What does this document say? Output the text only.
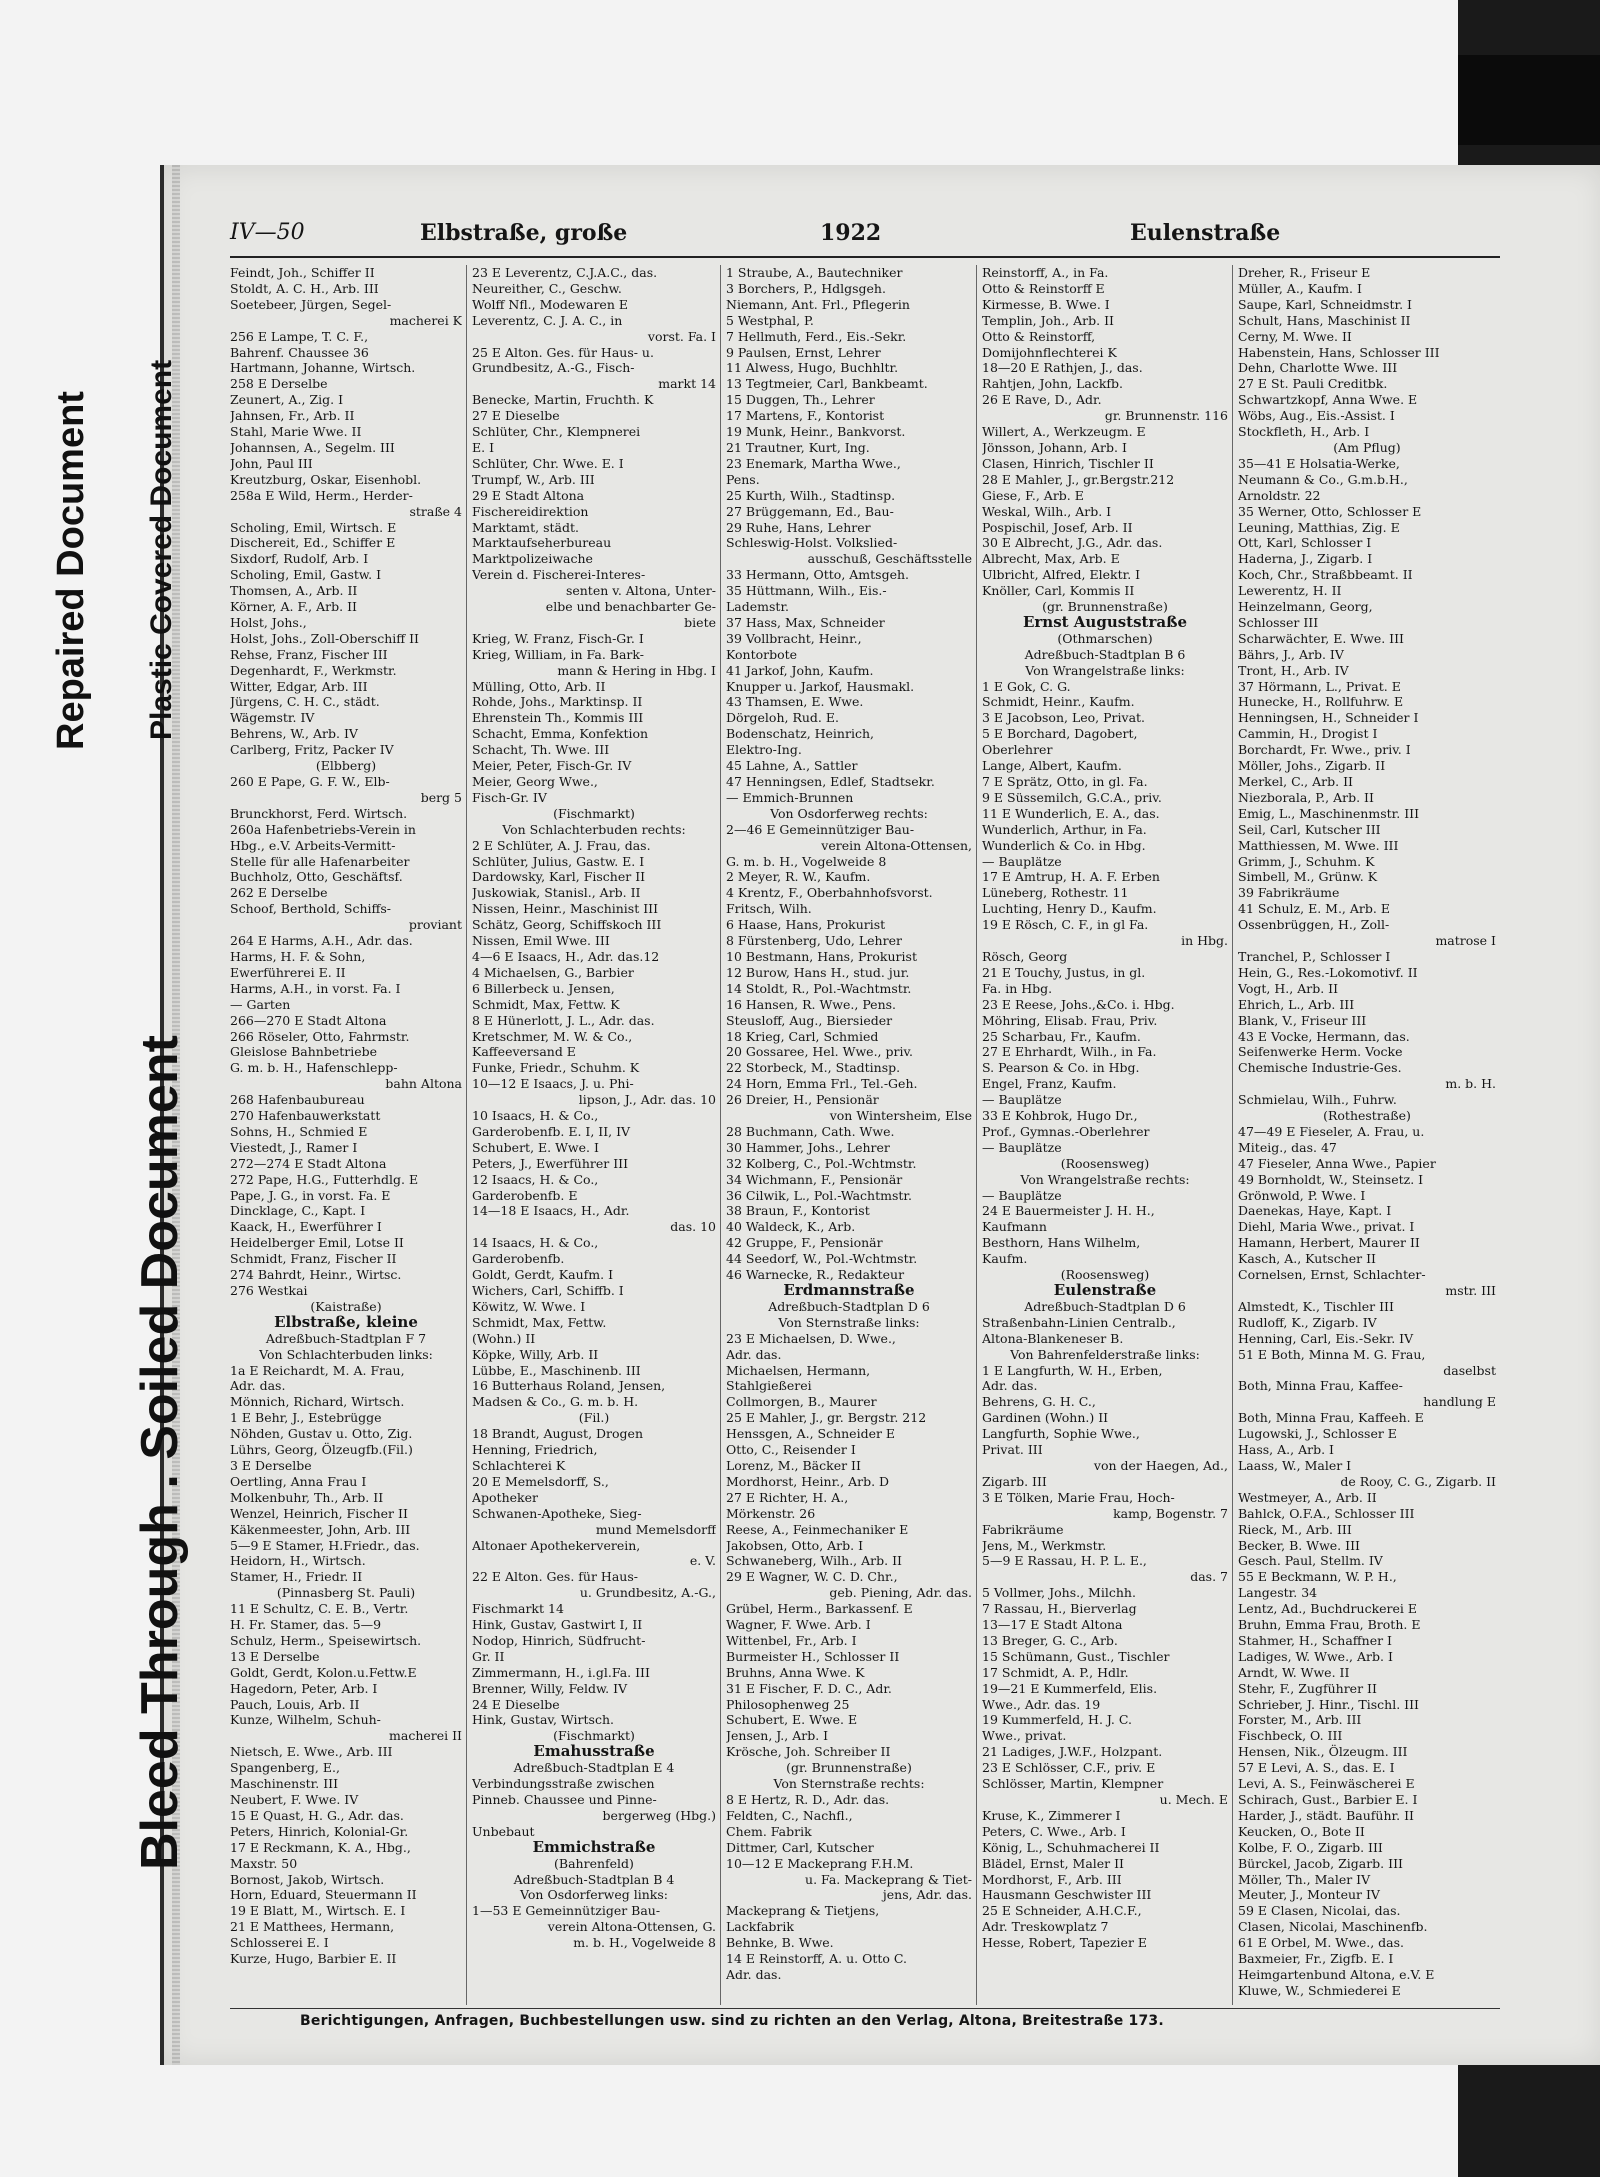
Bleed Through . Soiled Document
Repaired Document Plastic Covered Document
IV—50	Elbstraße, große	1922	Eulenstraße
Feindt, Joh., Schiffer II
Stoldt, A. C. H., Arb. III
Soetebeer, Jürgen, Segel-
macherei K
256 E Lampe, T. C. F.,
Bahrenf. Chaussee 36
Hartmann, Johanne, Wirtsch.
258 E Derselbe
Zeunert, A., Zig. I
Jahnsen, Fr., Arb. II
Stahl, Marie Wwe. II
Johannsen, A., Segelm. III
John, Paul III
Kreutzburg, Oskar, Eisenhobl.
258a E Wild, Herm., Herder-
straße 4
Scholing, Emil, Wirtsch. E
Dischereit, Ed., Schiffer E
Sixdorf, Rudolf, Arb. I
Scholing, Emil, Gastw. I
Thomsen, A., Arb. II
Körner, A. F., Arb. II
Holst, Johs.,
Holst, Johs., Zoll-Oberschiff II
Rehse, Franz, Fischer III
Degenhardt, F., Werkmstr.
Witter, Edgar, Arb. III
Jürgens, C. H. C., städt.
Wägemstr. IV
Behrens, W., Arb. IV
Carlberg, Fritz, Packer IV
(Elbberg)
260 E Pape, G. F. W., Elb-
berg 5
Brunckhorst, Ferd. Wirtsch.
260a Hafenbetriebs-Verein in
Hbg., e.V. Arbeits-Vermitt-
Stelle für alle Hafenarbeiter
Buchholz, Otto, Geschäftsf.
262 E Derselbe
Schoof, Berthold, Schiffs-
proviant
264 E Harms, A.H., Adr. das.
Harms, H. F. & Sohn,
Ewerführerei E. II
Harms, A.H., in vorst. Fa. I
— Garten
266—270 E Stadt Altona
266 Röseler, Otto, Fahrmstr.
Gleislose Bahnbetriebe
G. m. b. H., Hafenschlepp-
bahn Altona
268 Hafenbaubureau
270 Hafenbauwerkstatt
Sohns, H., Schmied E
Viestedt, J., Ramer I
272—274 E Stadt Altona
272 Pape, H.G., Futterhdlg. E
Pape, J. G., in vorst. Fa. E
Dincklage, C., Kapt. I
Kaack, H., Ewerführer I
Heidelberger Emil, Lotse II
Schmidt, Franz, Fischer II
274 Bahrdt, Heinr., Wirtsc.
276 Westkai
(Kaistraße)
Elbstraße, kleine
Adreßbuch-Stadtplan F 7
Von Schlachterbuden links:
1a E Reichardt, M. A. Frau,
Adr. das.
Mönnich, Richard, Wirtsch.
1 E Behr, J., Estebrügge
Nöhden, Gustav u. Otto, Zig.
Lührs, Georg, Ölzeugfb.(Fil.)
3 E Derselbe
Oertling, Anna Frau I
Molkenbuhr, Th., Arb. II
Wenzel, Heinrich, Fischer II
Käkenmeester, John, Arb. III
5—9 E Stamer, H.Friedr., das.
Heidorn, H., Wirtsch.
Stamer, H., Friedr. II
(Pinnasberg St. Pauli)
11 E Schultz, C. E. B., Vertr.
H. Fr. Stamer, das. 5—9
Schulz, Herm., Speisewirtsch.
13 E Derselbe
Goldt, Gerdt, Kolon.u.Fettw.E
Hagedorn, Peter, Arb. I
Pauch, Louis, Arb. II
Kunze, Wilhelm, Schuh-
macherei II
Nietsch, E. Wwe., Arb. III
Spangenberg, E.,
Maschinenstr. III
Neubert, F. Wwe. IV
15 E Quast, H. G., Adr. das.
Peters, Hinrich, Kolonial-Gr.
17 E Reckmann, K. A., Hbg.,
Maxstr. 50
Bornost, Jakob, Wirtsch.
Horn, Eduard, Steuermann II
19 E Blatt, M., Wirtsch. E. I
21 E Matthees, Hermann,
Schlosserei E. I
Kurze, Hugo, Barbier E. II
23 E Leverentz, C.J.A.C., das.
Neureither, C., Geschw.
Wolff Nfl., Modewaren E
Leverentz, C. J. A. C., in
vorst. Fa. I
25 E Alton. Ges. für Haus- u.
Grundbesitz, A.-G., Fisch-
markt 14
Benecke, Martin, Fruchth. K
27 E Dieselbe
Schlüter, Chr., Klempnerei
E. I
Schlüter, Chr. Wwe. E. I
Trumpf, W., Arb. III
29 E Stadt Altona
Fischereidirektion
Marktamt, städt.
Marktaufseherbureau
Marktpolizeiwache
Verein d. Fischerei-Interes-
senten v. Altona, Unter-
elbe und benachbarter Ge-
biete
Krieg, W. Franz, Fisch-Gr. I
Krieg, William, in Fa. Bark-
mann & Hering in Hbg. I
Mülling, Otto, Arb. II
Rohde, Johs., Marktinsp. II
Ehrenstein Th., Kommis III
Schacht, Emma, Konfektion
Schacht, Th. Wwe. III
Meier, Peter, Fisch-Gr. IV
Meier, Georg Wwe.,
Fisch-Gr. IV
(Fischmarkt)
Von Schlachterbuden rechts:
2 E Schlüter, A. J. Frau, das.
Schlüter, Julius, Gastw. E. I
Dardowsky, Karl, Fischer II
Juskowiak, Stanisl., Arb. II
Nissen, Heinr., Maschinist III
Schätz, Georg, Schiffskoch III
Nissen, Emil Wwe. III
4—6 E Isaacs, H., Adr. das.12
4 Michaelsen, G., Barbier
6 Billerbeck u. Jensen,
Schmidt, Max, Fettw. K
8 E Hünerlott, J. L., Adr. das.
Kretschmer, M. W. & Co.,
Kaffeeversand E
Funke, Friedr., Schuhm. K
10—12 E Isaacs, J. u. Phi-
lipson, J., Adr. das. 10
10 Isaacs, H. & Co.,
Garderobenfb. E. I, II, IV
Schubert, E. Wwe. I
Peters, J., Ewerführer III
12 Isaacs, H. & Co.,
Garderobenfb. E
14—18 E Isaacs, H., Adr.
das. 10
14 Isaacs, H. & Co.,
Garderobenfb.
Goldt, Gerdt, Kaufm. I
Wichers, Carl, Schiffb. I
Köwitz, W. Wwe. I
Schmidt, Max, Fettw.
(Wohn.) II
Köpke, Willy, Arb. II
Lübbe, E., Maschinenb. III
16 Butterhaus Roland, Jensen,
Madsen & Co., G. m. b. H.
(Fil.)
18 Brandt, August, Drogen
Henning, Friedrich,
Schlachterei K
20 E Memelsdorff, S.,
Apotheker
Schwanen-Apotheke, Sieg-
mund Memelsdorff
Altonaer Apothekerverein,
e. V.
22 E Alton. Ges. für Haus-
u. Grundbesitz, A.-G.,
Fischmarkt 14
Hink, Gustav, Gastwirt I, II
Nodop, Hinrich, Südfrucht-
Gr. II
Zimmermann, H., i.gl.Fa. III
Brenner, Willy, Feldw. IV
24 E Dieselbe
Hink, Gustav, Wirtsch.
(Fischmarkt)
Emahusstraße
Adreßbuch-Stadtplan E 4
Verbindungsstraße zwischen
Pinneb. Chaussee und Pinne-
bergerweg (Hbg.)
Unbebaut
Emmichstraße
(Bahrenfeld)
Adreßbuch-Stadtplan B 4
Von Osdorferweg links:
1—53 E Gemeinnütziger Bau-
verein Altona-Ottensen, G.
m. b. H., Vogelweide 8
1 Straube, A., Bautechniker
3 Borchers, P., Hdlgsgeh.
Niemann, Ant. Frl., Pflegerin
5 Westphal, P.
7 Hellmuth, Ferd., Eis.-Sekr.
9 Paulsen, Ernst, Lehrer
11 Alwess, Hugo, Buchhltr.
13 Tegtmeier, Carl, Bankbeamt.
15 Duggen, Th., Lehrer
17 Martens, F., Kontorist
19 Munk, Heinr., Bankvorst.
21 Trautner, Kurt, Ing.
23 Enemark, Martha Wwe.,
Pens.
25 Kurth, Wilh., Stadtinsp.
27 Brüggemann, Ed., Bau-
29 Ruhe, Hans, Lehrer
Schleswig-Holst. Volkslied-
ausschuß, Geschäftsstelle
33 Hermann, Otto, Amtsgeh.
35 Hüttmann, Wilh., Eis.-
Lademstr.
37 Hass, Max, Schneider
39 Vollbracht, Heinr.,
Kontorbote
41 Jarkof, John, Kaufm.
Knupper u. Jarkof, Hausmakl.
43 Thamsen, E. Wwe.
Dörgeloh, Rud. E.
Bodenschatz, Heinrich,
Elektro-Ing.
45 Lahne, A., Sattler
47 Henningsen, Edlef, Stadtsekr.
— Emmich-Brunnen
Von Osdorferweg rechts:
2—46 E Gemeinnütziger Bau-
verein Altona-Ottensen,
G. m. b. H., Vogelweide 8
2 Meyer, R. W., Kaufm.
4 Krentz, F., Oberbahnhofsvorst.
Fritsch, Wilh.
6 Haase, Hans, Prokurist
8 Fürstenberg, Udo, Lehrer
10 Bestmann, Hans, Prokurist
12 Burow, Hans H., stud. jur.
14 Stoldt, R., Pol.-Wachtmstr.
16 Hansen, R. Wwe., Pens.
Steusloff, Aug., Biersieder
18 Krieg, Carl, Schmied
20 Gossaree, Hel. Wwe., priv.
22 Storbeck, M., Stadtinsp.
24 Horn, Emma Frl., Tel.-Geh.
26 Dreier, H., Pensionär
von Wintersheim, Else
28 Buchmann, Cath. Wwe.
30 Hammer, Johs., Lehrer
32 Kolberg, C., Pol.-Wchtmstr.
34 Wichmann, F., Pensionär
36 Cilwik, L., Pol.-Wachtmstr.
38 Braun, F., Kontorist
40 Waldeck, K., Arb.
42 Gruppe, F., Pensionär
44 Seedorf, W., Pol.-Wchtmstr.
46 Warnecke, R., Redakteur
Erdmannstraße
Adreßbuch-Stadtplan D 6
Von Sternstraße links:
23 E Michaelsen, D. Wwe.,
Adr. das.
Michaelsen, Hermann,
Stahlgießerei
Collmorgen, B., Maurer
25 E Mahler, J., gr. Bergstr. 212
Henssgen, A., Schneider E
Otto, C., Reisender I
Lorenz, M., Bäcker II
Mordhorst, Heinr., Arb. D
27 E Richter, H. A.,
Mörkenstr. 26
Reese, A., Feinmechaniker E
Jakobsen, Otto, Arb. I
Schwaneberg, Wilh., Arb. II
29 E Wagner, W. C. D. Chr.,
geb. Piening, Adr. das.
Grübel, Herm., Barkassenf. E
Wagner, F. Wwe. Arb. I
Wittenbel, Fr., Arb. I
Burmeister H., Schlosser II
Bruhns, Anna Wwe. K
31 E Fischer, F. D. C., Adr.
Philosophenweg 25
Schubert, E. Wwe. E
Jensen, J., Arb. I
Krösche, Joh. Schreiber II
(gr. Brunnenstraße)
Von Sternstraße rechts:
8 E Hertz, R. D., Adr. das.
Feldten, C., Nachfl.,
Chem. Fabrik
Dittmer, Carl, Kutscher
10—12 E Mackeprang F.H.M.
u. Fa. Mackeprang & Tiet-
jens, Adr. das.
Mackeprang & Tietjens,
Lackfabrik
Behnke, B. Wwe.
14 E Reinstorff, A. u. Otto C.
Adr. das.
Reinstorff, A., in Fa.
Otto & Reinstorff E
Kirmesse, B. Wwe. I
Templin, Joh., Arb. II
Otto & Reinstorff,
Domijohnflechterei K
18—20 E Rathjen, J., das.
Rahtjen, John, Lackfb.
26 E Rave, D., Adr.
gr. Brunnenstr. 116
Willert, A., Werkzeugm. E
Jönsson, Johann, Arb. I
Clasen, Hinrich, Tischler II
28 E Mahler, J., gr.Bergstr.212
Giese, F., Arb. E
Weskal, Wilh., Arb. I
Pospischil, Josef, Arb. II
30 E Albrecht, J.G., Adr. das.
Albrecht, Max, Arb. E
Ulbricht, Alfred, Elektr. I
Knöller, Carl, Kommis II
(gr. Brunnenstraße)
Ernst Auguststraße
(Othmarschen)
Adreßbuch-Stadtplan B 6
Von Wrangelstraße links:
1 E Gok, C. G.
Schmidt, Heinr., Kaufm.
3 E Jacobson, Leo, Privat.
5 E Borchard, Dagobert,
Oberlehrer
Lange, Albert, Kaufm.
7 E Sprätz, Otto, in gl. Fa.
9 E Süssemilch, G.C.A., priv.
11 E Wunderlich, E. A., das.
Wunderlich, Arthur, in Fa.
Wunderlich & Co. in Hbg.
— Bauplätze
17 E Amtrup, H. A. F. Erben
Lüneberg, Rothestr. 11
Luchting, Henry D., Kaufm.
19 E Rösch, C. F., in gl Fa.
in Hbg.
Rösch, Georg
21 E Touchy, Justus, in gl.
Fa. in Hbg.
23 E Reese, Johs.,&Co. i. Hbg.
Möhring, Elisab. Frau, Priv.
25 Scharbau, Fr., Kaufm.
27 E Ehrhardt, Wilh., in Fa.
S. Pearson & Co. in Hbg.
Engel, Franz, Kaufm.
— Bauplätze
33 E Kohbrok, Hugo Dr.,
Prof., Gymnas.-Oberlehrer
— Bauplätze
(Roosensweg)
Von Wrangelstraße rechts:
— Bauplätze
24 E Bauermeister J. H. H.,
Kaufmann
Besthorn, Hans Wilhelm,
Kaufm.
(Roosensweg)
Eulenstraße
Adreßbuch-Stadtplan D 6
Straßenbahn-Linien Centralb.,
Altona-Blankeneser B.
Von Bahrenfelderstraße links:
1 E Langfurth, W. H., Erben,
Adr. das.
Behrens, G. H. C.,
Gardinen (Wohn.) II
Langfurth, Sophie Wwe.,
Privat. III
von der Haegen, Ad.,
Zigarb. III
3 E Tölken, Marie Frau, Hoch-
kamp, Bogenstr. 7
Fabrikräume
Jens, M., Werkmstr.
5—9 E Rassau, H. P. L. E.,
das. 7
5 Vollmer, Johs., Milchh.
7 Rassau, H., Bierverlag
13—17 E Stadt Altona
13 Breger, G. C., Arb.
15 Schümann, Gust., Tischler
17 Schmidt, A. P., Hdlr.
19—21 E Kummerfeld, Elis.
Wwe., Adr. das. 19
19 Kummerfeld, H. J. C.
Wwe., privat.
21 Ladiges, J.W.F., Holzpant.
23 E Schlösser, C.F., priv. E
Schlösser, Martin, Klempner
u. Mech. E
Kruse, K., Zimmerer I
Peters, C. Wwe., Arb. I
König, L., Schuhmacherei II
Blädel, Ernst, Maler II
Mordhorst, F., Arb. III
Hausmann Geschwister III
25 E Schneider, A.H.C.F.,
Adr. Treskowplatz 7
Hesse, Robert, Tapezier E
Dreher, R., Friseur E
Müller, A., Kaufm. I
Saupe, Karl, Schneidmstr. I
Schult, Hans, Maschinist II
Cerny, M. Wwe. II
Habenstein, Hans, Schlosser III
Dehn, Charlotte Wwe. III
27 E St. Pauli Creditbk.
Schwartzkopf, Anna Wwe. E
Wöbs, Aug., Eis.-Assist. I
Stockfleth, H., Arb. I
(Am Pflug)
35—41 E Holsatia-Werke,
Neumann & Co., G.m.b.H.,
Arnoldstr. 22
35 Werner, Otto, Schlosser E
Leuning, Matthias, Zig. E
Ott, Karl, Schlosser I
Haderna, J., Zigarb. I
Koch, Chr., Straßbbeamt. II
Lewerentz, H. II
Heinzelmann, Georg,
Schlosser III
Scharwächter, E. Wwe. III
Bährs, J., Arb. IV
Tront, H., Arb. IV
37 Hörmann, L., Privat. E
Hunecke, H., Rollfuhrw. E
Henningsen, H., Schneider I
Cammin, H., Drogist I
Borchardt, Fr. Wwe., priv. I
Möller, Johs., Zigarb. II
Merkel, C., Arb. II
Niezborala, P., Arb. II
Emig, L., Maschinenmstr. III
Seil, Carl, Kutscher III
Matthiessen, M. Wwe. III
Grimm, J., Schuhm. K
Simbell, M., Grünw. K
39 Fabrikräume
41 Schulz, E. M., Arb. E
Ossenbrüggen, H., Zoll-
matrose I
Tranchel, P., Schlosser I
Hein, G., Res.-Lokomotivf. II
Vogt, H., Arb. II
Ehrich, L., Arb. III
Blank, V., Friseur III
43 E Vocke, Hermann, das.
Seifenwerke Herm. Vocke
Chemische Industrie-Ges.
m. b. H.
Schmielau, Wilh., Fuhrw.
(Rothestraße)
47—49 E Fieseler, A. Frau, u.
Miteig., das. 47
47 Fieseler, Anna Wwe., Papier
49 Bornholdt, W., Steinsetz. I
Grönwold, P. Wwe. I
Daenekas, Haye, Kapt. I
Diehl, Maria Wwe., privat. I
Hamann, Herbert, Maurer II
Kasch, A., Kutscher II
Cornelsen, Ernst, Schlachter-
mstr. III
Almstedt, K., Tischler III
Rudloff, K., Zigarb. IV
Henning, Carl, Eis.-Sekr. IV
51 E Both, Minna M. G. Frau,
daselbst
Both, Minna Frau, Kaffee-
handlung E
Both, Minna Frau, Kaffeeh. E
Lugowski, J., Schlosser E
Hass, A., Arb. I
Laass, W., Maler I
de Rooy, C. G., Zigarb. II
Westmeyer, A., Arb. II
Bahlck, O.F.A., Schlosser III
Rieck, M., Arb. III
Becker, B. Wwe. III
Gesch. Paul, Stellm. IV
55 E Beckmann, W. P. H.,
Langestr. 34
Lentz, Ad., Buchdruckerei E
Bruhn, Emma Frau, Broth. E
Stahmer, H., Schaffner I
Ladiges, W. Wwe., Arb. I
Arndt, W. Wwe. II
Stehr, F., Zugführer II
Schrieber, J. Hinr., Tischl. III
Forster, M., Arb. III
Fischbeck, O. III
Hensen, Nik., Ölzeugm. III
57 E Levi, A. S., das. E. I
Levi, A. S., Feinwäscherei E
Schirach, Gust., Barbier E. I
Harder, J., städt. Bauführ. II
Keucken, O., Bote II
Kolbe, F. O., Zigarb. III
Bürckel, Jacob, Zigarb. III
Möller, Th., Maler IV
Meuter, J., Monteur IV
59 E Clasen, Nicolai, das.
Clasen, Nicolai, Maschinenfb.
61 E Orbel, M. Wwe., das.
Baxmeier, Fr., Zigfb. E. I
Heimgartenbund Altona, e.V. E
Kluwe, W., Schmiederei E
Berichtigungen, Anfragen, Buchbestellungen usw. sind zu richten an den Verlag, Altona, Breitestraße 173.
